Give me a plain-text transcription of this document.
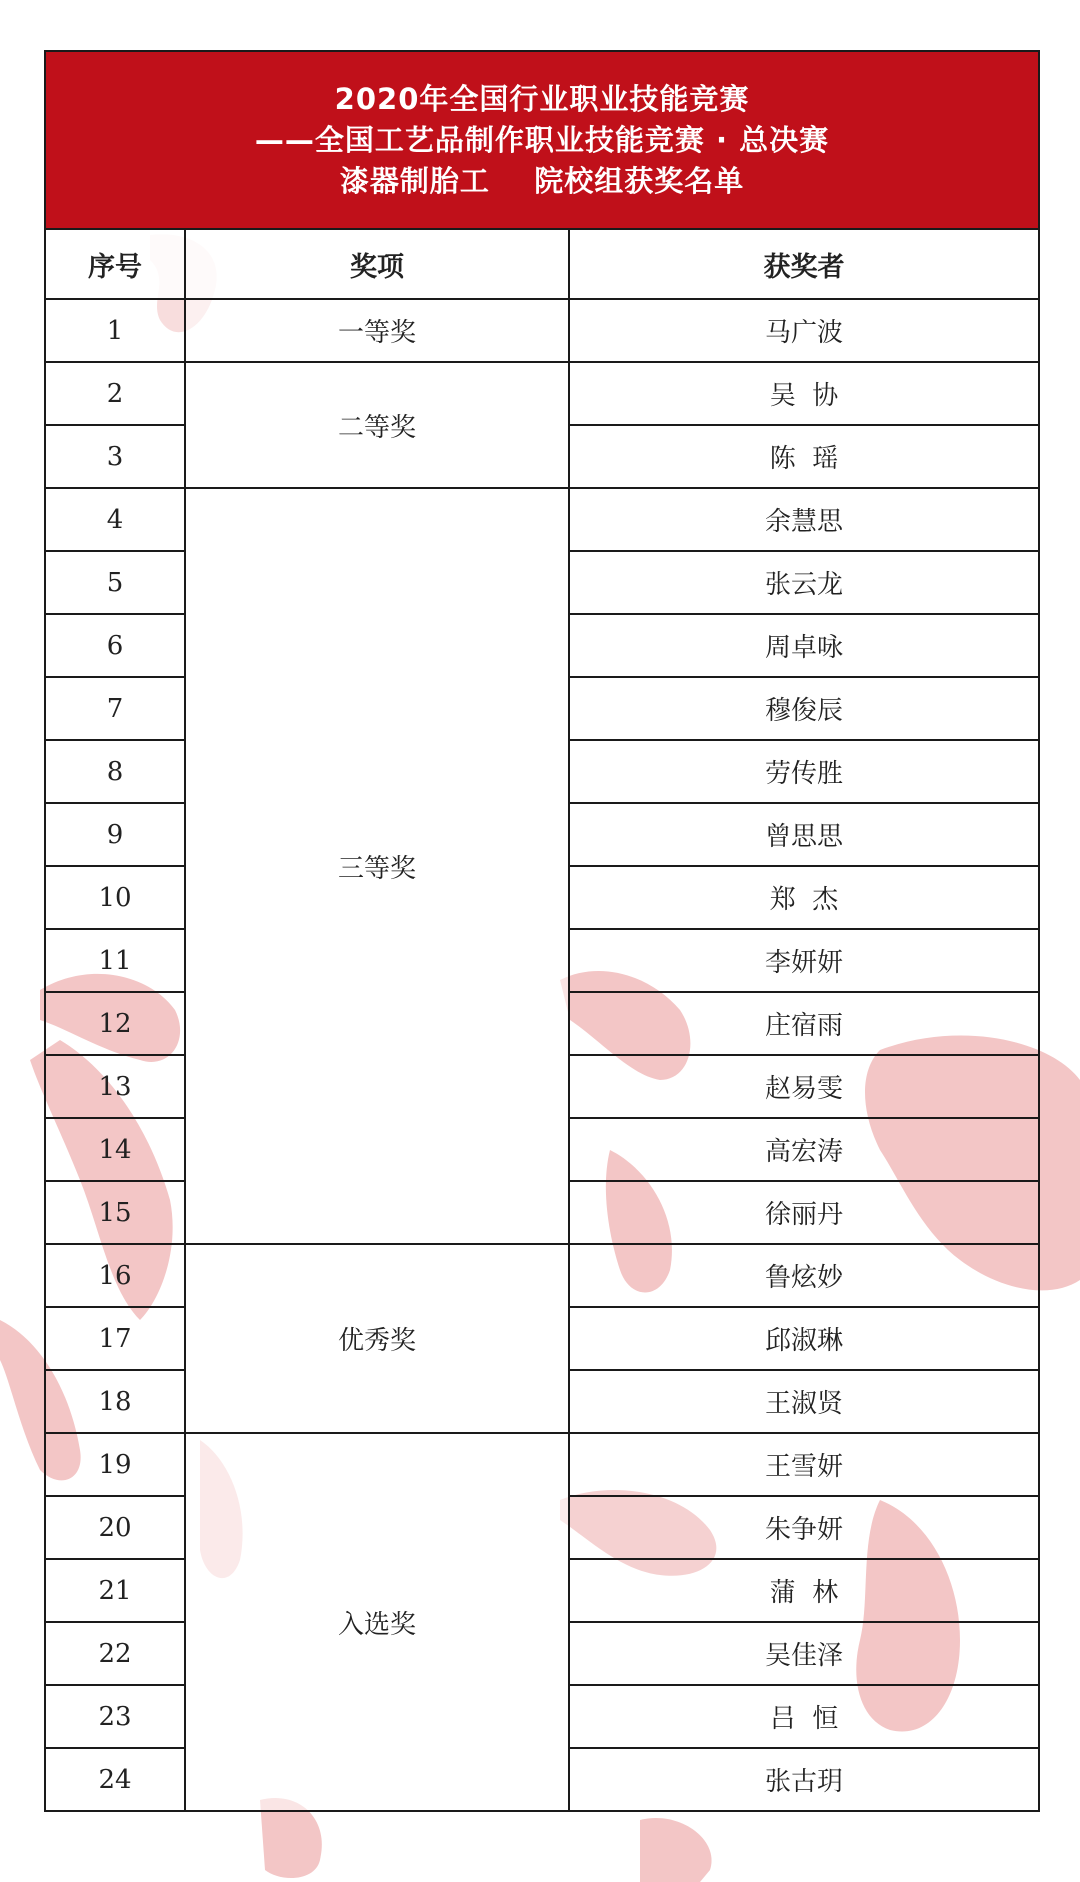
2020年全国行业职业技能竞赛
——全国工艺品制作职业技能竞赛 · 总决赛
漆器制胎工    院校组获奖名单		

序号	奖项	获奖者
1	一等奖	马广波
2	二等奖	吴  协
3		陈  瑶
4	三等奖	余慧思
5		张云龙
6		周卓咏
7		穆俊辰
8		劳传胜
9		曾思思
10		郑  杰
11		李妍妍
12		庄宿雨
13		赵易雯
14		高宏涛
15		徐丽丹
16	优秀奖	鲁炫妙
17		邱淑琳
18		王淑贤
19	入选奖	王雪妍
20		朱争妍
21		蒲  林
22		吴佳泽
23		吕  恒
24		张古玥
